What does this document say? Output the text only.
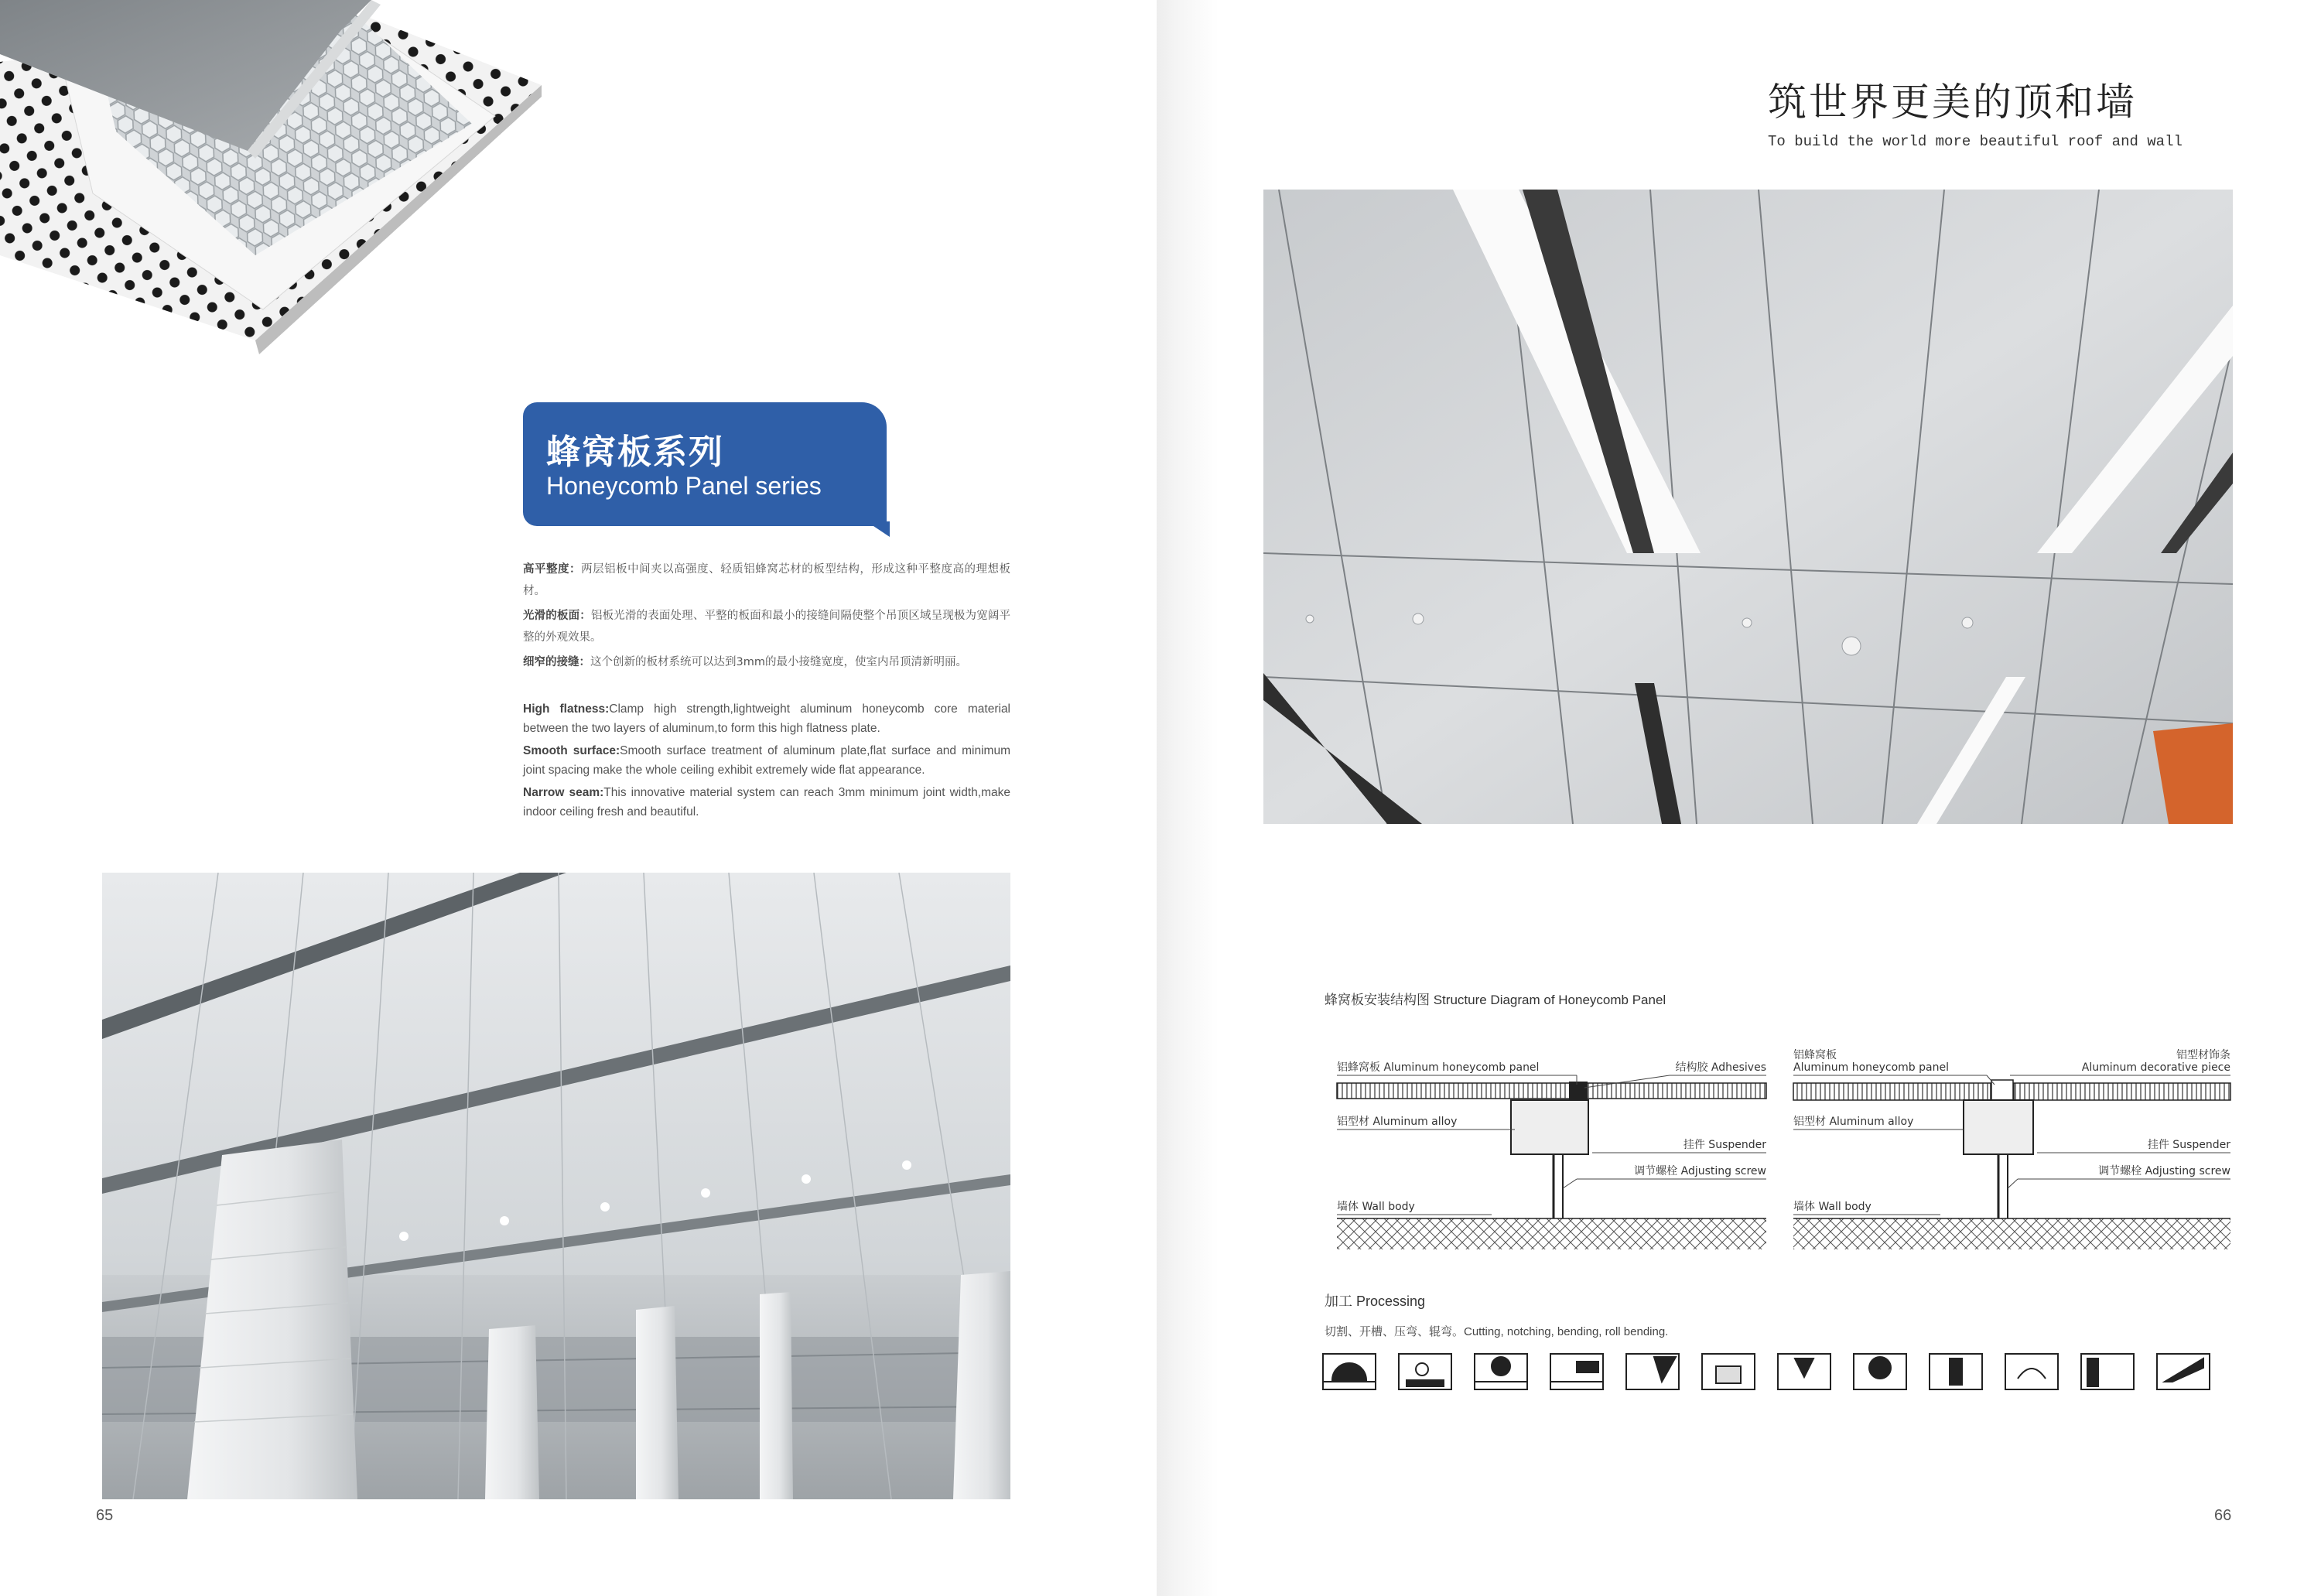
蜂窝板系列
Honeycomb Panel series

高平整度：两层铝板中间夹以高强度、轻质铝蜂窝芯材的板型结构，形成这种平整度高的理想板材。

光滑的板面：铝板光滑的表面处理、平整的板面和最小的接缝间隔使整个吊顶区域呈现极为宽阔平整的外观效果。

细窄的接缝：这个创新的板材系统可以达到3mm的最小接缝宽度，使室内吊顶清新明丽。

High flatness:Clamp high strength,lightweight aluminum honeycomb core material between the two layers of aluminum,to form this high flatness plate.

Smooth surface:Smooth surface treatment of aluminum plate,flat surface and minimum joint spacing make the whole ceiling exhibit extremely wide flat appearance.

Narrow seam:This innovative material system can reach 3mm minimum joint width,make indoor ceiling fresh and beautiful.

65
筑世界更美的顶和墙
To build the world more beautiful roof and wall
蜂窝板安装结构图 Structure Diagram of Honeycomb Panel
铝蜂窝板 Aluminum honeycomb panel	结构胶 Adhesives
铝型材 Aluminum alloy
挂件 Suspender
调节螺栓 Adjusting screw
墙体 Wall body
铝蜂窝板
Aluminum honeycomb panel
铝型材饰条
Aluminum decorative piece
铝型材 Aluminum alloy
挂件 Suspender
调节螺栓 Adjusting screw
墙体 Wall body
加工 Processing
切割、开槽、压弯、辊弯。Cutting, notching, bending, roll bending.
66
